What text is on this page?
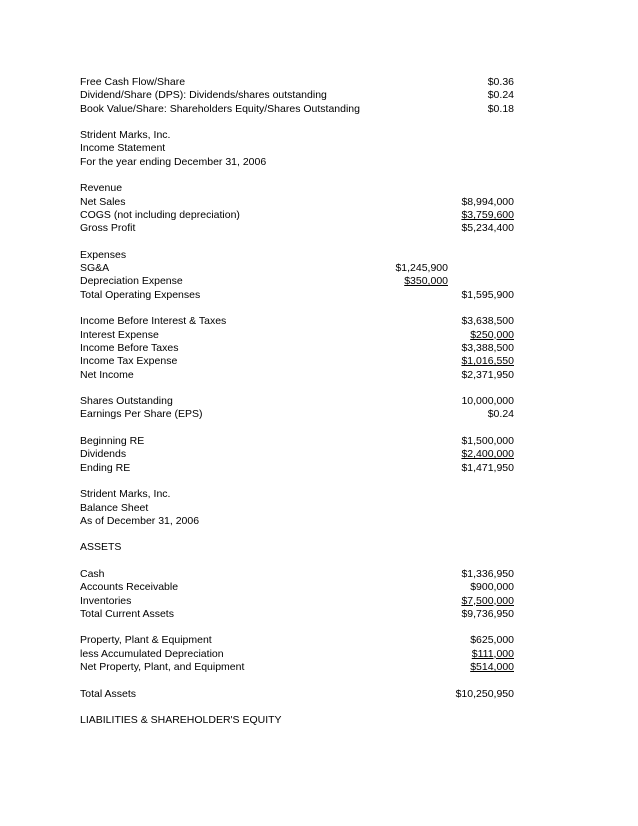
Free Cash Flow/Share	$0.36
Dividend/Share (DPS): Dividends/shares outstanding	$0.24
Book Value/Share: Shareholders Equity/Shares Outstanding	$0.18
Strident Marks, Inc.
Income Statement
For the year ending December 31, 2006
Revenue
Net Sales	$8,994,000
COGS (not including depreciation)	$3,759,600
Gross Profit	$5,234,400
Expenses
SG&A	$1,245,900
Depreciation Expense	$350,000
Total Operating Expenses	$1,595,900
Income Before Interest & Taxes	$3,638,500
Interest Expense	$250,000
Income Before Taxes	$3,388,500
Income Tax Expense	$1,016,550
Net Income	$2,371,950
Shares Outstanding	10,000,000
Earnings Per Share (EPS)	$0.24
Beginning RE	$1,500,000
Dividends	$2,400,000
Ending RE	$1,471,950
Strident Marks, Inc.
Balance Sheet
As of December 31, 2006
ASSETS
Cash	$1,336,950
Accounts Receivable	$900,000
Inventories	$7,500,000
Total Current Assets	$9,736,950
Property, Plant & Equipment	$625,000
less Accumulated Depreciation	$111,000
Net Property, Plant, and Equipment	$514,000
Total Assets	$10,250,950
LIABILITIES & SHAREHOLDER'S EQUITY
